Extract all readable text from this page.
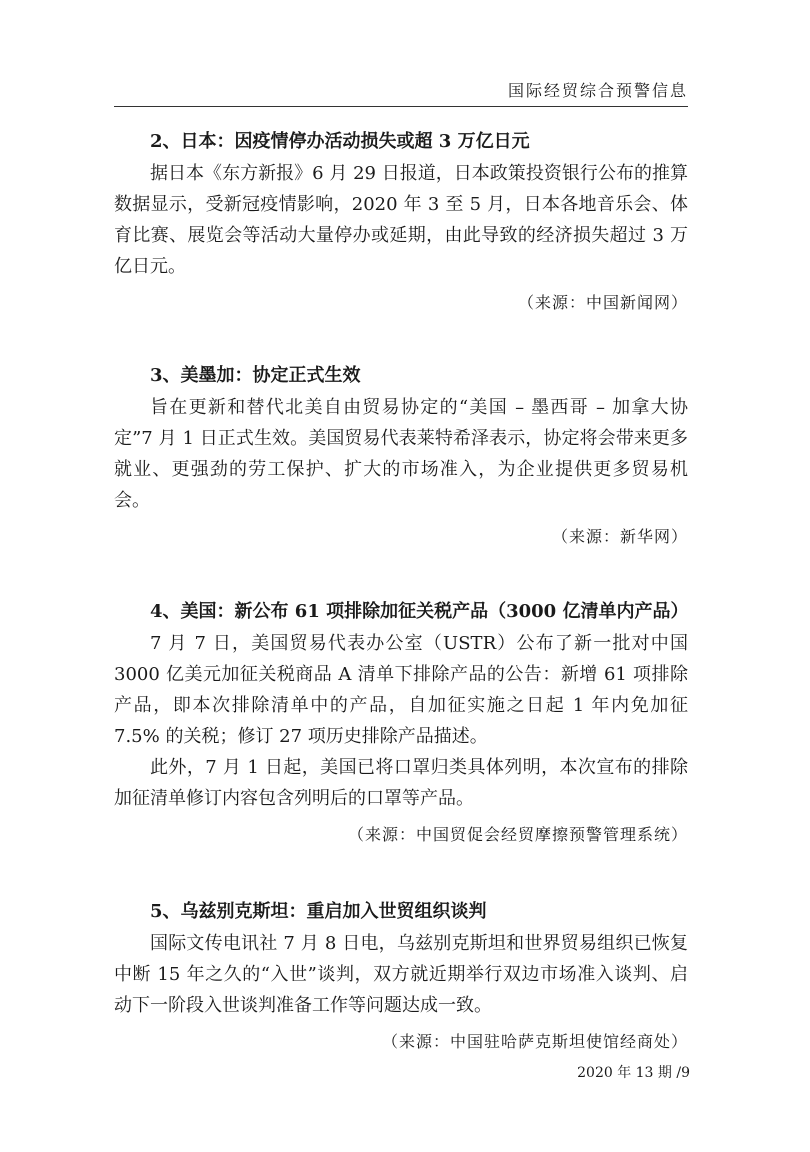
国际经贸综合预警信息

2、日本：因疫情停办活动损失或超 3 万亿日元

据日本《东方新报》6 月 29 日报道，日本政策投资银行公布的推算数据显示，受新冠疫情影响，2020 年 3 至 5 月，日本各地音乐会、体育比赛、展览会等活动大量停办或延期，由此导致的经济损失超过 3 万亿日元。

（来源：中国新闻网）

3、美墨加：协定正式生效

旨在更新和替代北美自由贸易协定的“美国 – 墨西哥 – 加拿大协定”7 月 1 日正式生效。美国贸易代表莱特希泽表示，协定将会带来更多就业、更强劲的劳工保护、扩大的市场准入，为企业提供更多贸易机会。

（来源：新华网）

4、美国：新公布 61 项排除加征关税产品（3000 亿清单内产品）

7 月 7 日，美国贸易代表办公室（USTR）公布了新一批对中国 3000 亿美元加征关税商品 A 清单下排除产品的公告：新增 61 项排除产品，即本次排除清单中的产品，自加征实施之日起 1 年内免加征 7.5% 的关税；修订 27 项历史排除产品描述。

此外，7 月 1 日起，美国已将口罩归类具体列明，本次宣布的排除加征清单修订内容包含列明后的口罩等产品。

（来源：中国贸促会经贸摩擦预警管理系统）

5、乌兹别克斯坦：重启加入世贸组织谈判

国际文传电讯社 7 月 8 日电，乌兹别克斯坦和世界贸易组织已恢复中断 15 年之久的“入世”谈判，双方就近期举行双边市场准入谈判、启动下一阶段入世谈判准备工作等问题达成一致。

（来源：中国驻哈萨克斯坦使馆经商处）

2020 年 13 期 /9
